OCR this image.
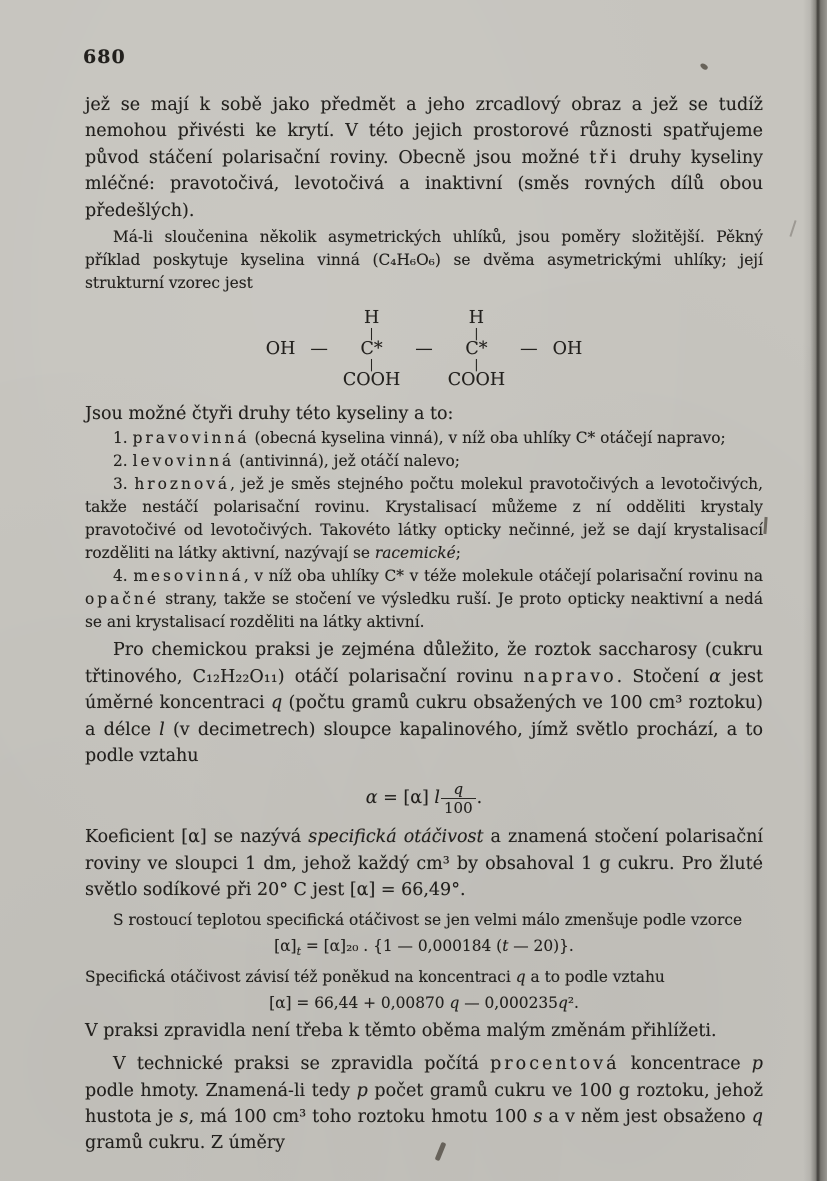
680

jež se mají k sobě jako předmět a jeho zrcadlový obraz a jež se tudíž nemohou přivésti ke krytí. V této jejich prostorové různosti spatřujeme původ stáčení polarisační roviny. Obecně jsou možné tři druhy kyseliny mléčné: pravotočivá, levotočivá a inaktivní (směs rovných dílů obou předešlých).

Má-li sloučenina několik asymetrických uhlíků, jsou poměry složitější. Pěkný příklad poskytuje kyselina vinná (C₄H₆O₆) se dvěma asymetrickými uhlíky; její strukturní vzorec jest

OH —
H
|
C*
|
COOH
—
H
|
C*
|
COOH
— OH

Jsou možné čtyři druhy této kyseliny a to:

1. pravovinná (obecná kyselina vinná), v níž oba uhlíky C* otáčejí napravo;

2. levovinná (antivinná), jež otáčí nalevo;

3. hroznová, jež je směs stejného počtu molekul pravotočivých a levotočivých, takže nestáčí polarisační rovinu. Krystalisací můžeme z ní odděliti krystaly pravotočivé od levotočivých. Takovéto látky opticky nečinné, jež se dají krystalisací rozděliti na látky aktivní, nazývají se racemické;

4. mesovinná, v níž oba uhlíky C* v téže molekule otáčejí polarisační rovinu na opačné strany, takže se stočení ve výsledku ruší. Je proto opticky neaktivní a nedá se ani krystalisací rozděliti na látky aktivní.

Pro chemickou praksi je zejména důležito, že roztok saccharosy (cukru třtinového, C₁₂H₂₂O₁₁) otáčí polarisační rovinu napravo. Stočení α jest úměrné koncentraci q (počtu gramů cukru obsažených ve 100 cm³ roztoku) a délce l (v decimetrech) sloupce kapalinového, jímž světlo prochází, a to podle vztahu

α = [α] l $\frac{q}{100}$ .

Koeficient [α] se nazývá specifická otáčivost a znamená stočení polarisační roviny ve sloupci 1 dm, jehož každý cm³ by obsahoval 1 g cukru. Pro žluté světlo sodíkové při 20° C jest [α] = 66,49°.

S rostoucí teplotou specifická otáčivost se jen velmi málo zmenšuje podle vzorce

$[\alpha]_t = [\alpha]_{20}$ . {1 — 0,000184 (t — 20)}.

Specifická otáčivost závisí též poněkud na koncentraci q a to podle vztahu

[α] = 66,44 + 0,00870 q — 0,000235q².

V praksi zpravidla není třeba k těmto oběma malým změnám přihlížeti.

V technické praksi se zpravidla počítá procentová koncentrace p podle hmoty. Znamená-li tedy p počet gramů cukru ve 100 g roztoku, jehož hustota je s, má 100 cm³ toho roztoku hmotu 100 s a v něm jest obsaženo q gramů cukru. Z úměry
